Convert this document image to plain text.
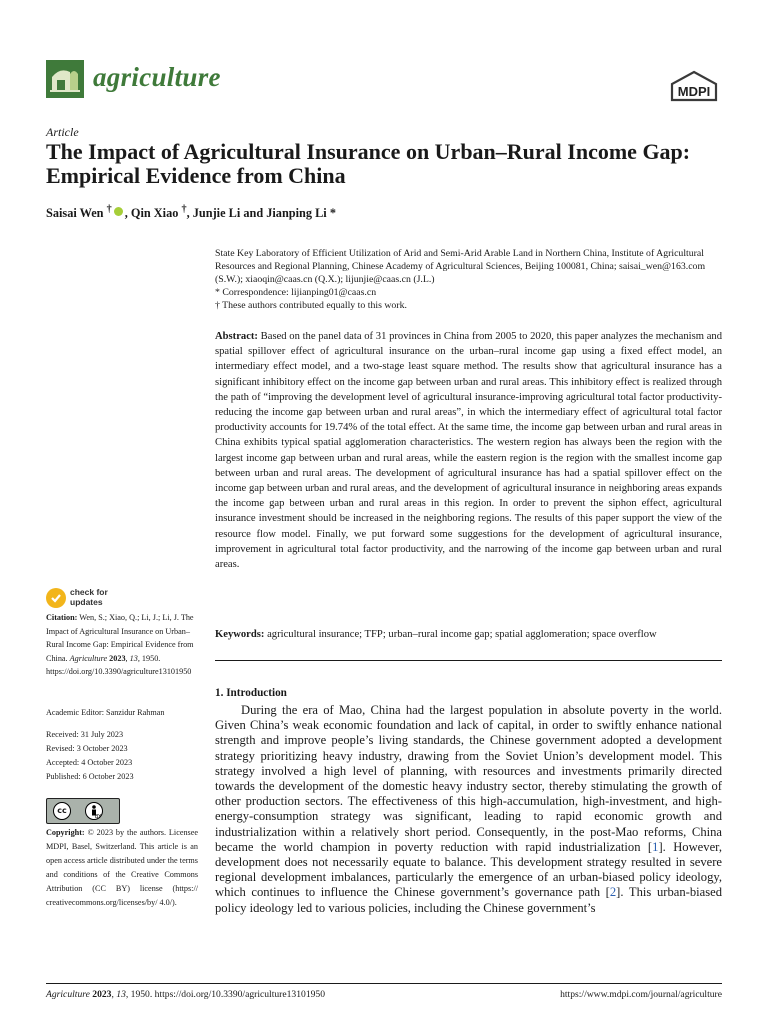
agriculture	MDPI
Article
The Impact of Agricultural Insurance on Urban–Rural Income Gap: Empirical Evidence from China
Saisai Wen † , Qin Xiao †, Junjie Li and Jianping Li *
State Key Laboratory of Efficient Utilization of Arid and Semi-Arid Arable Land in Northern China, Institute of Agricultural Resources and Regional Planning, Chinese Academy of Agricultural Sciences, Beijing 100081, China; saisai_wen@163.com (S.W.); xiaoqin@caas.cn (Q.X.); lijunjie@caas.cn (J.L.)
* Correspondence: lijianping01@caas.cn
† These authors contributed equally to this work.
Abstract: Based on the panel data of 31 provinces in China from 2005 to 2020, this paper analyzes the mechanism and spatial spillover effect of agricultural insurance on the urban–rural income gap using a fixed effect model, an intermediary effect model, and a two-stage least square method. The results show that agricultural insurance has a significant inhibitory effect on the income gap between urban and rural areas. This inhibitory effect is realized through the path of “improving the development level of agricultural insurance-improving agricultural total factor productivity-reducing the income gap between urban and rural areas”, in which the intermediary effect of agricultural total factor productivity accounts for 19.74% of the total effect. At the same time, the income gap between urban and rural areas in China exhibits typical spatial agglomeration characteristics. The western region has always been the region with the largest income gap between urban and rural areas, while the eastern region is the region with the smallest income gap between urban and rural areas. The development of agricultural insurance has had a spatial spillover effect on the income gap between urban and rural areas, and the development of agricultural insurance in neighboring areas expands the income gap between urban and rural areas in this region. In order to prevent the siphon effect, agricultural insurance investment should be increased in the neighboring regions. The results of this paper support the view of the resource flow model. Finally, we put forward some suggestions for the development of agricultural insurance, improvement in agricultural total factor productivity, and the narrowing of the income gap between urban and rural areas.
Keywords: agricultural insurance; TFP; urban–rural income gap; spatial agglomeration; space overflow
1. Introduction
During the era of Mao, China had the largest population in absolute poverty in the world. Given China’s weak economic foundation and lack of capital, in order to swiftly enhance national strength and improve people’s living standards, the Chinese government adopted a development strategy prioritizing heavy industry, drawing from the Soviet Union’s development model. This strategy involved a high level of planning, with resources and investments primarily directed towards the development of the domestic heavy industry sector, thereby stimulating the growth of other production sectors. The effectiveness of this high-accumulation, high-investment, and high-energy-consumption strategy was significant, leading to rapid economic growth and industrialization within a relatively short period. Consequently, in the post-Mao reforms, China became the world champion in poverty reduction with rapid industrialization [1]. However, development does not necessarily equate to balance. This development strategy resulted in severe regional development imbalances, particularly the emergence of an urban-biased policy ideology, which continues to influence the Chinese government’s governance path [2]. This urban-biased policy ideology led to various policies, including the Chinese government’s
check for
updates
Citation: Wen, S.; Xiao, Q.; Li, J.; Li, J. The Impact of Agricultural Insurance on Urban–Rural Income Gap: Empirical Evidence from China. Agriculture 2023, 13, 1950. https://doi.org/10.3390/agriculture13101950
Academic Editor: Sanzidur Rahman
Received: 31 July 2023
Revised: 3 October 2023
Accepted: 4 October 2023
Published: 6 October 2023
cc
BY
Copyright: © 2023 by the authors. Licensee MDPI, Basel, Switzerland. This article is an open access article distributed under the terms and conditions of the Creative Commons Attribution (CC BY) license (https:// creativecommons.org/licenses/by/ 4.0/).
Agriculture 2023, 13, 1950. https://doi.org/10.3390/agriculture13101950	https://www.mdpi.com/journal/agriculture
